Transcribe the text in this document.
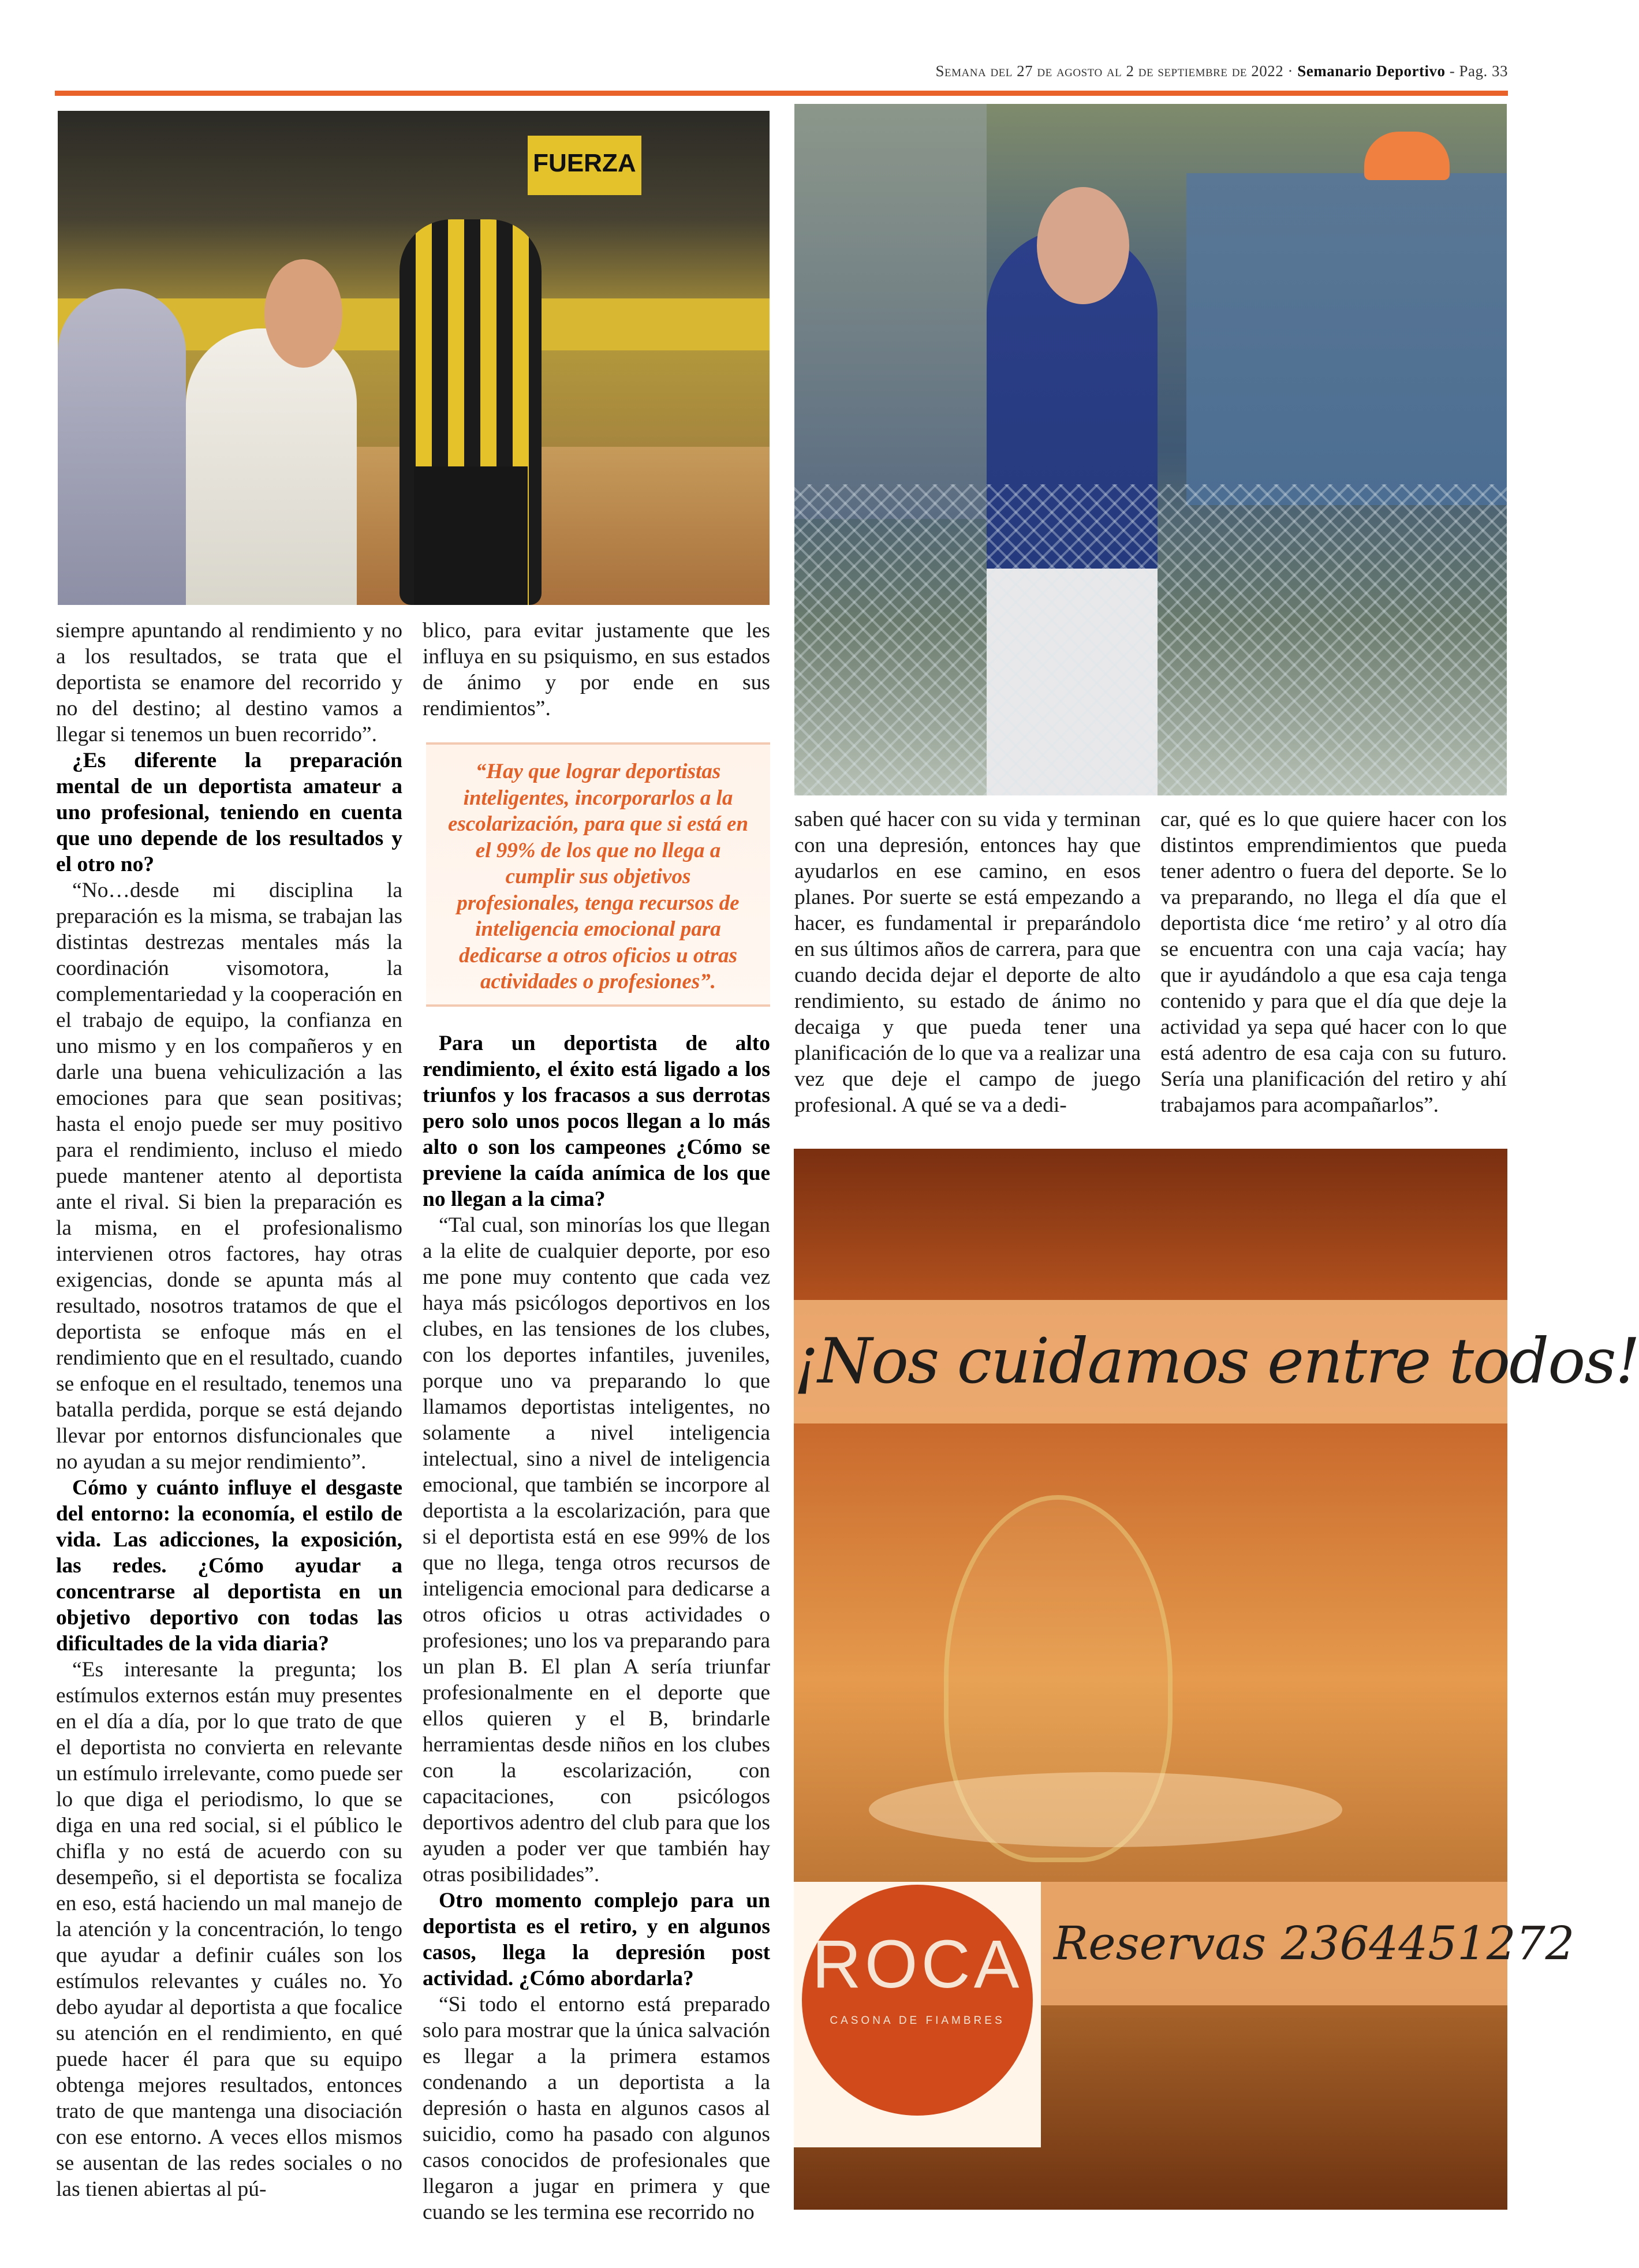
Semana del 27 de agosto al 2 de septiembre de 2022 · Semanario Deportivo - Pag. 33
FUERZA

siempre apuntando al rendimiento y no a los resultados, se trata que el deportista se enamore del recorrido y no del destino; al destino vamos a llegar si tenemos un buen recorrido”.

¿Es diferente la preparación mental de un deportista amateur a uno profesional, teniendo en cuenta que uno depende de los resultados y el otro no?

“No…desde mi disciplina la preparación es la misma, se trabajan las distintas destrezas mentales más la coordinación visomotora, la complementariedad y la cooperación en el trabajo de equipo, la confianza en uno mismo y en los compañeros y en darle una buena vehiculización a las emociones para que sean positivas; hasta el enojo puede ser muy positivo para el rendimiento, incluso el miedo puede mantener atento al deportista ante el rival. Si bien la preparación es la misma, en el profesionalismo intervienen otros factores, hay otras exigencias, donde se apunta más al resultado, nosotros tratamos de que el deportista se enfoque más en el rendimiento que en el resultado, cuando se enfoque en el resultado, tenemos una batalla perdida, porque se está dejando llevar por entornos disfuncionales que no ayudan a su mejor rendimiento”.

Cómo y cuánto influye el desgaste del entorno: la economía, el estilo de vida. Las adicciones, la exposición, las redes. ¿Cómo ayudar a concentrarse al deportista en un objetivo deportivo con todas las dificultades de la vida diaria?

“Es interesante la pregunta; los estímulos externos están muy presentes en el día a día, por lo que trato de que el deportista no convierta en relevante un estímulo irrelevante, como puede ser lo que diga el periodismo, lo que se diga en una red social, si el público le chifla y no está de acuerdo con su desempeño, si el deportista se focaliza en eso, está haciendo un mal manejo de la atención y la concentración, lo tengo que ayudar a definir cuáles son los estímulos relevantes y cuáles no. Yo debo ayudar al deportista a que focalice su atención en el rendimiento, en qué puede hacer él para que su equipo obtenga mejores resultados, entonces trato de que mantenga una disociación con ese entorno. A veces ellos mismos se ausentan de las redes sociales o no las tienen abiertas al pú-

blico, para evitar justamente que les influya en su psiquismo, en sus estados de ánimo y por ende en sus rendimientos”.

“Hay que lograr deportistas inteligentes, incorporarlos a la escolarización, para que si está en el 99% de los que no llega a cumplir sus objetivos profesionales, tenga recursos de inteligencia emocional para dedicarse a otros oficios u otras actividades o profesiones”.

Para un deportista de alto rendimiento, el éxito está ligado a los triunfos y los fracasos a sus derrotas pero solo unos pocos llegan a lo más alto o son los campeones ¿Cómo se previene la caída anímica de los que no llegan a la cima?

“Tal cual, son minorías los que llegan a la elite de cualquier deporte, por eso me pone muy contento que cada vez haya más psicólogos deportivos en los clubes, en las tensiones de los clubes, con los deportes infantiles, juveniles, porque uno va preparando lo que llamamos deportistas inteligentes, no solamente a nivel inteligencia intelectual, sino a nivel de inteligencia emocional, que también se incorpore al deportista a la escolarización, para que si el deportista está en ese 99% de los que no llega, tenga otros recursos de inteligencia emocional para dedicarse a otros oficios u otras actividades o profesiones; uno los va preparando para un plan B. El plan A sería triunfar profesionalmente en el deporte que ellos quieren y el B, brindarle herramientas desde niños en los clubes con la escolarización, con capacitaciones, con psicólogos deportivos adentro del club para que los ayuden a poder ver que también hay otras posibilidades”.

Otro momento complejo para un deportista es el retiro, y en algunos casos, llega la depresión post actividad. ¿Cómo abordarla?

“Si todo el entorno está preparado solo para mostrar que la única salvación es llegar a la primera estamos condenando a un deportista a la depresión o hasta en algunos casos al suicidio, como ha pasado con algunos casos conocidos de profesionales que llegaron a jugar en primera y que cuando se les termina ese recorrido no

saben qué hacer con su vida y terminan con una depresión, entonces hay que ayudarlos en ese camino, en esos planes. Por suerte se está empezando a hacer, es fundamental ir preparándolo en sus últimos años de carrera, para que cuando decida dejar el deporte de alto rendimiento, su estado de ánimo no decaiga y que pueda tener una planificación de lo que va a realizar una vez que deje el campo de juego profesional. A qué se va a dedi-

car, qué es lo que quiere hacer con los distintos emprendimientos que pueda tener adentro o fuera del deporte. Se lo va preparando, no llega el día que el deportista dice ‘me retiro’ y al otro día se encuentra con una caja vacía; hay que ir ayudándolo a que esa caja tenga contenido y para que el día que deje la actividad ya sepa qué hacer con lo que está adentro de esa caja con su futuro. Sería una planificación del retiro y ahí trabajamos para acompañarlos”.

¡Nos cuidamos entre todos!
ROCA
CASONA DE FIAMBRES
Reservas 2364451272
